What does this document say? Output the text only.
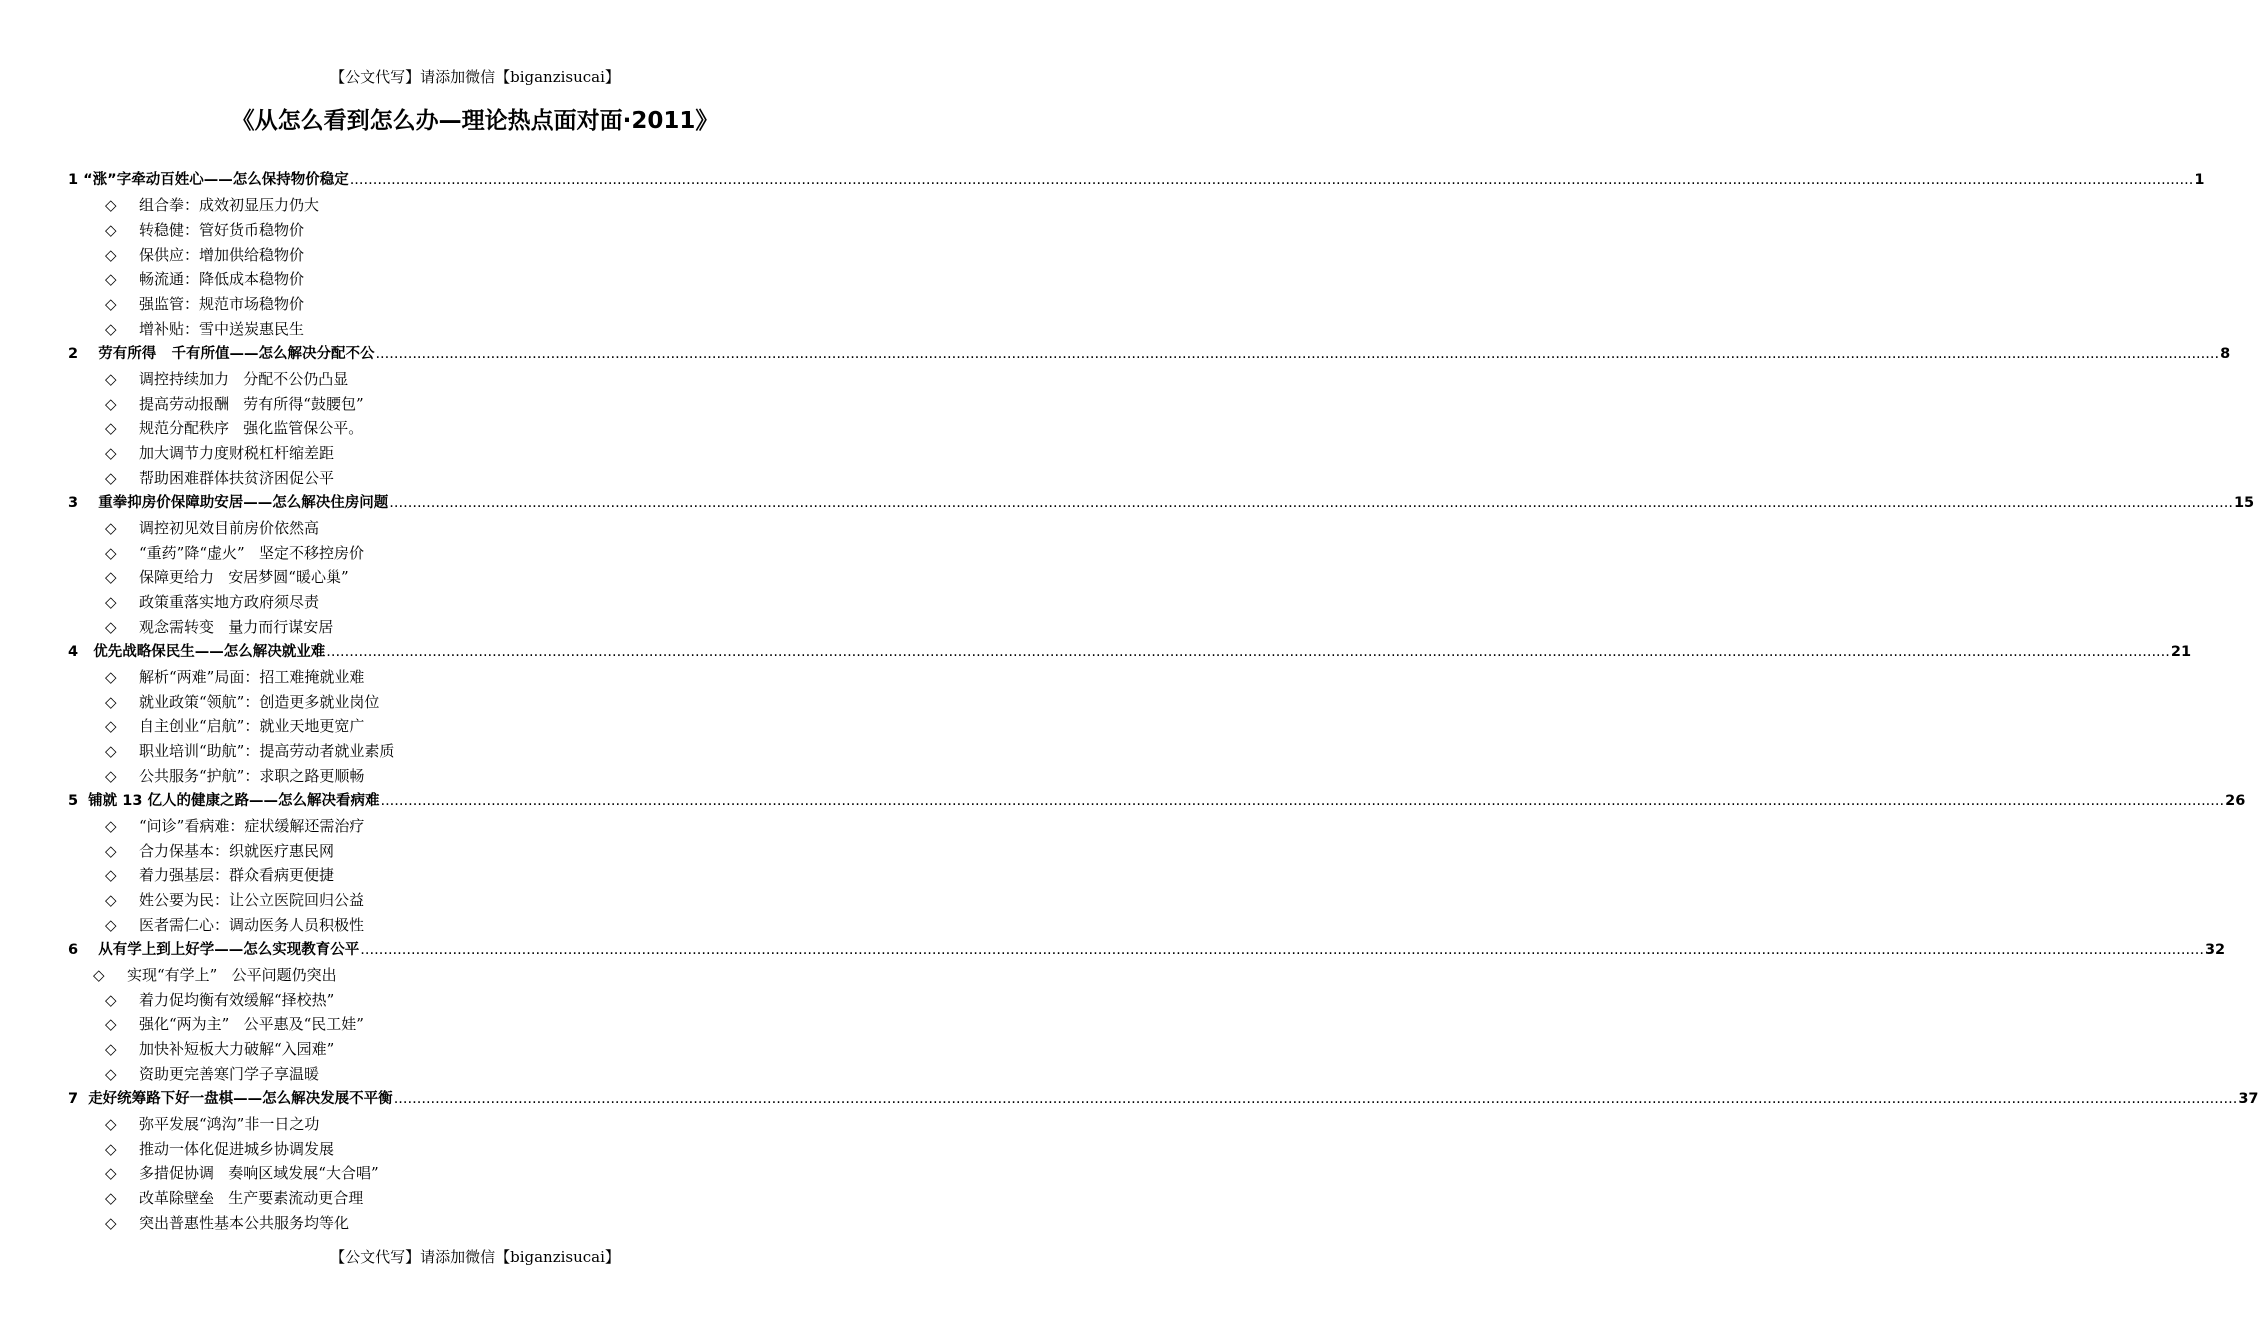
【公文代写】请添加微信【biganzisucai】
《从怎么看到怎么办—理论热点面对面·2011》
1 “涨”字牵动百姓心——怎么保持物价稳定 ................................................................................................................................................................................................................................................................................................................................................................................................................ 1
◇ 组合拳：成效初显压力仍大
◇ 转稳健：管好货币稳物价
◇ 保供应：增加供给稳物价
◇ 畅流通：降低成本稳物价
◇ 强监管：规范市场稳物价
◇ 增补贴：雪中送炭惠民生
2 劳有所得   千有所值——怎么解决分配不公 ................................................................................................................................................................................................................................................................................................................................................................................................................ 8
◇ 调控持续加力   分配不公仍凸显
◇ 提高劳动报酬   劳有所得“鼓腰包”
◇ 规范分配秩序   强化监管保公平。
◇ 加大调节力度财税杠杆缩差距
◇ 帮助困难群体扶贫济困促公平
3 重拳抑房价保障助安居——怎么解决住房问题 ................................................................................................................................................................................................................................................................................................................................................................................................................ 15
◇ 调控初见效目前房价依然高
◇ “重药”降“虚火”   坚定不移控房价
◇ 保障更给力   安居梦圆“暖心巢”
◇ 政策重落实地方政府须尽责
◇ 观念需转变   量力而行谋安居
4 优先战略保民生——怎么解决就业难 ................................................................................................................................................................................................................................................................................................................................................................................................................ 21
◇ 解析“两难”局面：招工难掩就业难
◇ 就业政策“领航”：创造更多就业岗位
◇ 自主创业“启航”：就业天地更宽广
◇ 职业培训“助航”：提高劳动者就业素质
◇ 公共服务“护航”：求职之路更顺畅
5 铺就 13 亿人的健康之路——怎么解决看病难 ................................................................................................................................................................................................................................................................................................................................................................................................................ 26
◇ “问诊”看病难：症状缓解还需治疗
◇ 合力保基本：织就医疗惠民网
◇ 着力强基层：群众看病更便捷
◇ 姓公要为民：让公立医院回归公益
◇ 医者需仁心：调动医务人员积极性
6 从有学上到上好学——怎么实现教育公平 ................................................................................................................................................................................................................................................................................................................................................................................................................ 32
◇ 实现“有学上”   公平问题仍突出
◇ 着力促均衡有效缓解“择校热”
◇ 强化“两为主”   公平惠及“民工娃”
◇ 加快补短板大力破解“入园难”
◇ 资助更完善寒门学子享温暖
7 走好统筹路下好一盘棋——怎么解决发展不平衡 ................................................................................................................................................................................................................................................................................................................................................................................................................ 37
◇ 弥平发展“鸿沟”非一日之功
◇ 推动一体化促进城乡协调发展
◇ 多措促协调   奏响区域发展“大合唱”
◇ 改革除壁垒   生产要素流动更合理
◇ 突出普惠性基本公共服务均等化
【公文代写】请添加微信【biganzisucai】
